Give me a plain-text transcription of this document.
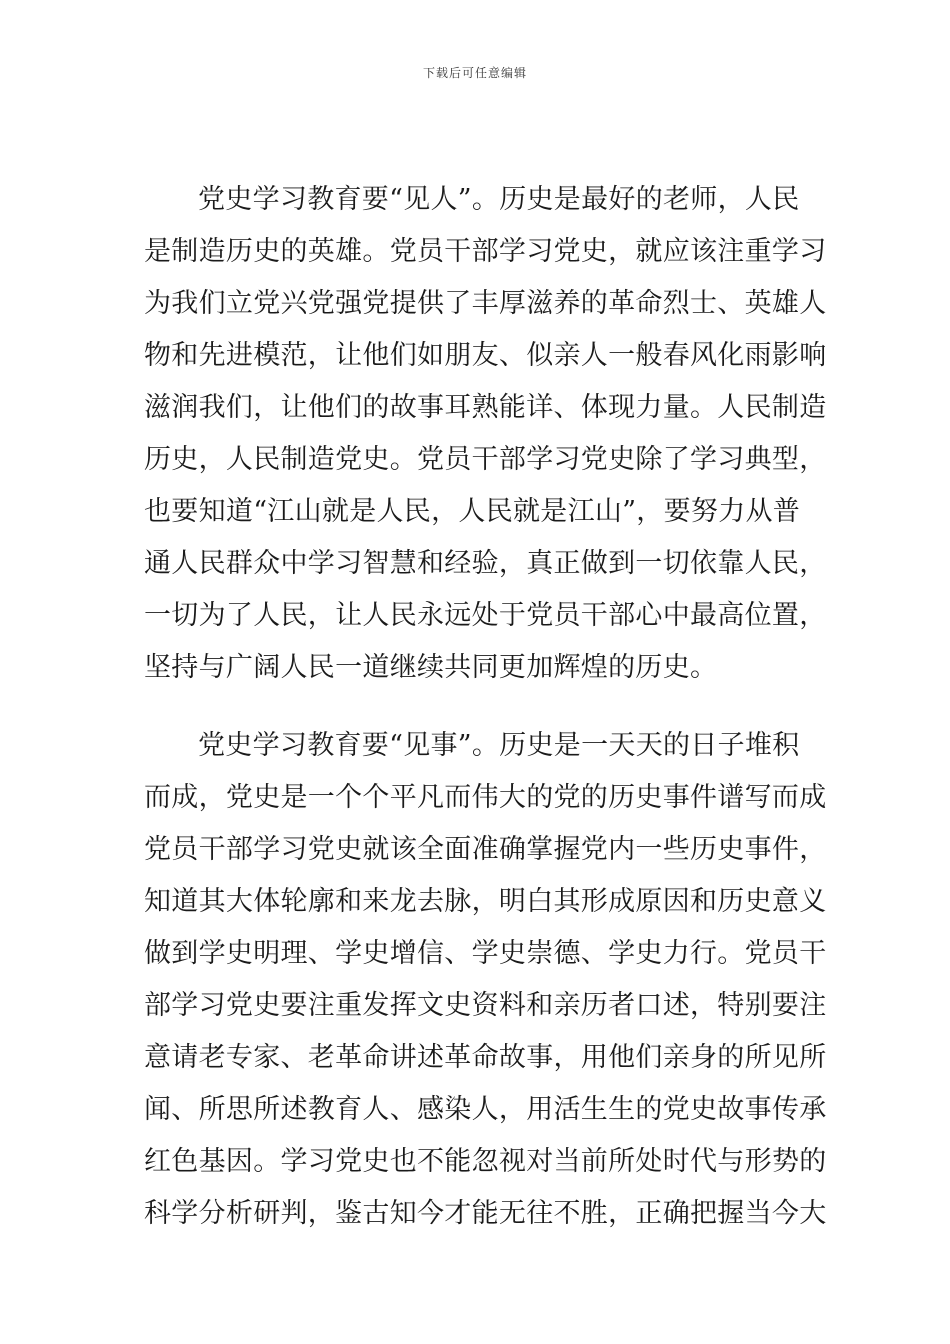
下载后可任意编辑
党史学习教育要“见人”。历史是最好的老师，人民
是制造历史的英雄。党员干部学习党史，就应该注重学习
为我们立党兴党强党提供了丰厚滋养的革命烈士、英雄人
物和先进模范，让他们如朋友、似亲人一般春风化雨影响
滋润我们，让他们的故事耳熟能详、体现力量。人民制造
历史，人民制造党史。党员干部学习党史除了学习典型，
也要知道“江山就是人民，人民就是江山”，要努力从普
通人民群众中学习智慧和经验，真正做到一切依靠人民，
一切为了人民，让人民永远处于党员干部心中最高位置，
坚持与广阔人民一道继续共同更加辉煌的历史。
党史学习教育要“见事”。历史是一天天的日子堆积
而成，党史是一个个平凡而伟大的党的历史事件谱写而成
党员干部学习党史就该全面准确掌握党内一些历史事件，
知道其大体轮廓和来龙去脉，明白其形成原因和历史意义
做到学史明理、学史增信、学史崇德、学史力行。党员干
部学习党史要注重发挥文史资料和亲历者口述，特别要注
意请老专家、老革命讲述革命故事，用他们亲身的所见所
闻、所思所述教育人、感染人，用活生生的党史故事传承
红色基因。学习党史也不能忽视对当前所处时代与形势的
科学分析研判，鉴古知今才能无往不胜，正确把握当今大
